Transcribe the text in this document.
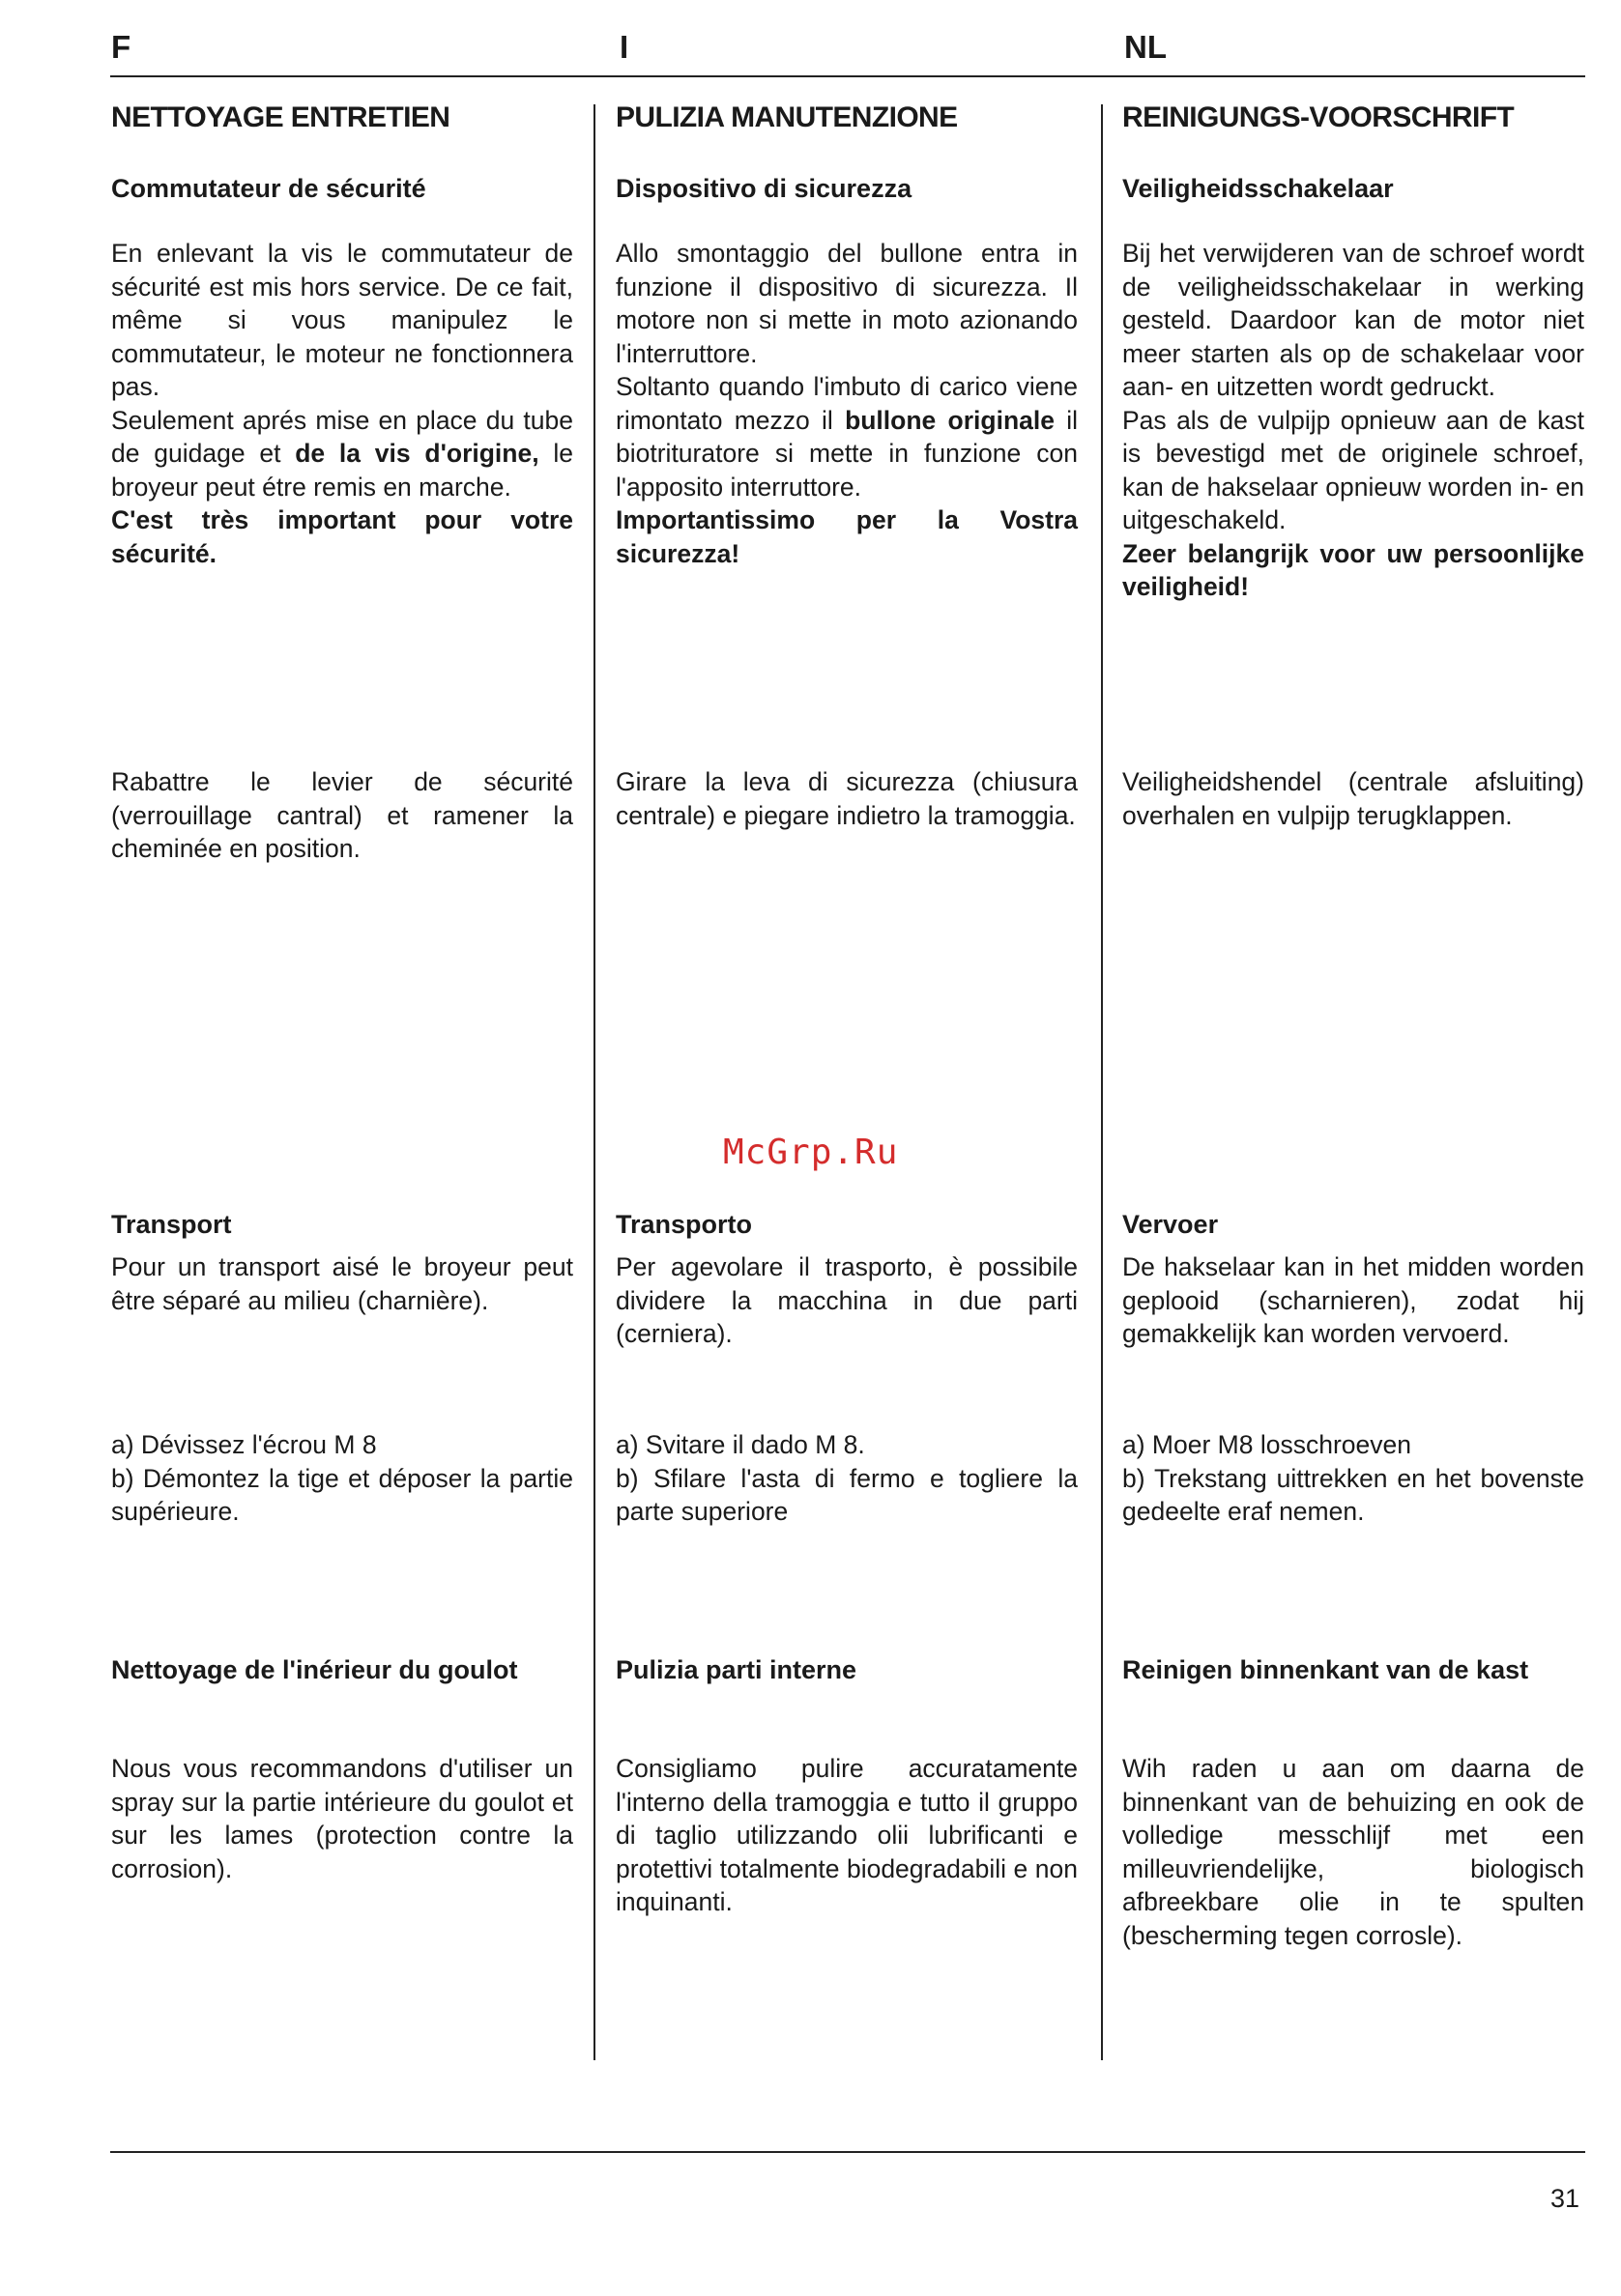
F	I	NL
NETTOYAGE ENTRETIEN
Commutateur de sécurité

En enlevant la vis le commutateur de sécurité est mis hors service. De ce fait, même si vous manipulez le commutateur, le moteur ne fonctionnera pas.

Seulement aprés mise en place du tube de guidage et de la vis d'origine, le broyeur peut étre remis en marche.

C'est très important pour votre sécurité.

Rabattre le levier de sécurité (verrouillage cantral) et ramener la cheminée en position.
Transport
Pour un transport aisé le broyeur peut être séparé au milieu (charnière).

a) Dévissez l'écrou M 8

b) Démontez la tige et déposer la partie supérieure.

Nettoyage de l'inérieur du goulot
Nous vous recommandons d'utiliser un spray sur la partie intérieure du goulot et sur les lames (protection contre la corrosion).
PULIZIA MANUTENZIONE
Dispositivo di sicurezza

Allo smontaggio del bullone entra in funzione il dispositivo di sicurezza. Il motore non si mette in moto azionando l'interruttore.

Soltanto quando l'imbuto di carico viene rimontato mezzo il bullone originale il biotrituratore si mette in funzione con l'apposito interruttore.

Importantissimo per la Vostra sicurezza!

Girare la leva di sicurezza (chiusura centrale) e piegare indietro la tramoggia.
Transporto
Per agevolare il trasporto, è possibile dividere la macchina in due parti (cerniera).

a) Svitare il dado M 8.

b) Sfilare l'asta di fermo e togliere la parte superiore

Pulizia parti interne
Consigliamo pulire accuratamente l'interno della tramoggia e tutto il gruppo di taglio utilizzando olii lubrificanti e protettivi totalmente biodegradabili e non inquinanti.
REINIGUNGS-VOORSCHRIFT
Veiligheidsschakelaar

Bij het verwijderen van de schroef wordt de veiligheidsschakelaar in werking gesteld. Daardoor kan de motor niet meer starten als op de schakelaar voor aan- en uitzetten wordt gedruckt.

Pas als de vulpijp opnieuw aan de kast is bevestigd met de originele schroef, kan de hakselaar opnieuw worden in- en uitgeschakeld.

Zeer belangrijk voor uw persoonlijke veiligheid!

Veiligheidshendel (centrale afsluiting) overhalen en vulpijp terugklappen.
Vervoer
De hakselaar kan in het midden worden geplooid (scharnieren), zodat hij gemakkelijk kan worden vervoerd.

a) Moer M8 losschroeven

b) Trekstang uittrekken en het bovenste gedeelte eraf nemen.

Reinigen binnenkant van de kast
Wih raden u aan om daarna de binnenkant van de behuizing en ook de volledige messchlijf met een milleuvriendelijke, biologisch afbreekbare olie in te spulten (bescherming tegen corrosle).
McGrp.Ru
31
